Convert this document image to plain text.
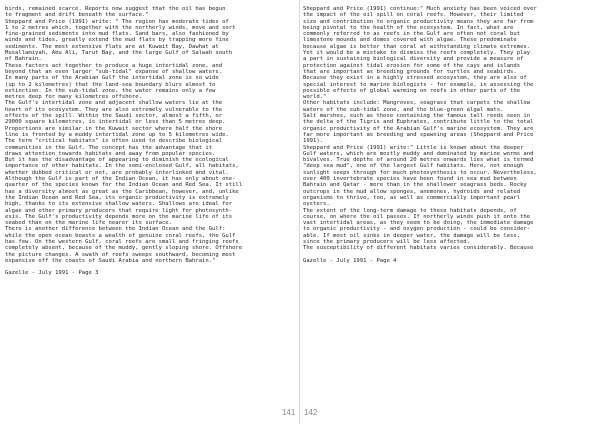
birds, remained scarce. Reports now suggest that the oil has begun
to fragment and drift beneath the surface."
Sheppard and Price (1991) write: " The region has moderate tides of
1 to 2 metres which, together with the northerly winds, move and sort
fine-grained sediments into mud flats. Sand bars, also fashioned by
winds and tides, greatly extend the mud flats by trapping more fine
sediments. The most extensive flats are at Kuwait Bay, Dawhat at
Musallamiyah, Abu Ali, Tarut Bay, and the large Gulf of Salwah south
of Bahrain.
These factors act together to produce a huge intertidal zone, and
beyond that an even larger "sub-tidal" expanse of shallow waters.
In many parts of the Arabian Gulf the intertidal zone is so wide
(up to 2 kilometres) that the land-sea boundary blurs almost to
extinction. In the sub-tidal zone, the water remains only a few
metres deep for many kilometres offshore.
The Gulf's intertidal zone and adjacent shallow waters lie at the
heart of its ecosystem. They are also extremely vulnerable to the
effects of the spill. Within the Saudi sector, almost a fifth, or
29000 square kilometres, is intertidal or less than 5 metres deep.
Proportions are similar in the Kuwait sector where half the shore
line is fronted by a muddy intertidal zone up to 5 kilometres wide.
The term "critical habitats" is often used to describe biological
communities in the Gulf. The concept has the advantage that it
draws attention towards habitats and away from popular species.
But it has the disadvantage of appearing to diminish the ecological
importance of other habitats. In the semi-enclosed Gulf, all habitats,
whether dubbed critical or not, are probably interlinked and vital.
Although the Gulf is part of the Indian Ocean, it has only about one-
quarter of the species known for the Indian Ocean and Red Sea. It still
has a diversity almost as great as the Caribbean, however, and, unlike
the Indian Ocean and Red Sea, its organic productivity is extremely
high, thanks to its extensive shallow waters. Shallows are ideal for
algae and other primary producers that require light for photosynth-
esis. The Gulf's productivity depends more on the marine life of its
seabed than on the marine life nearer its surface.
There is another difference between the Indian Ocean and the Gulf:
while the open ocean boasts a wealth of genuine coral reefs, the Gulf
has few. On the western Gulf, coral reefs are small and fringing reefs
completely absent, because of the muddy, gently sloping shore. Offshore
the picture changes. A swath of reefs sweeps southward, becoming most
expansive off the coasts of Saudi Arabia and northern Bahrain."
Gazelle - July 1991 - Page 3
Sheppard and Price (1991) continue:" Much anxiety has been voiced over
the impact of the oil spill on coral reefs. However, their limited
size and contribution to organic productivity means they are far from
being pivotal to the health of the ecosystem. In fact, what are
commonly referred to as reefs in the Gulf are often not coral but
limestone mounds and domes covered with algae. These predominate
because algae is better than coral at withstanding climate extremes.
Yet it would be a mistake to dismiss the reefs completely. They play
a part in sustaining biological diversity and provide a measure of
protection against tidal erosion for some of the cays and islands
that are important as breeding grounds for turtles and seabirds.
Because they exist in a highly stressed ecosystem, they are also of
special interest to marine biologists - for example, in assessing the
possible effects of global warming on reefs in other parts of the
world."
Other habitats include: Mangroves, seagrass that carpets the shallow
waters of the sub-tidal zone, and the blue-green algal mats.
Salt marshes, such as those containing the famous tall reeds seen in
the delta of the Tigris and Euphrates, contribute little to the total
organic productivity of the Arabian Gulf's marine ecosystem. They are
far more important as breeding and spawning areas (Sheppard and Price
1991).
Sheppard and Price (1991) write:" Little is known about the deeper
Gulf waters, which are mostly muddy and dominated by marine worms and
bivalves. True depths of around 20 metres onwards lies what is termed
"deep sea mud", one of the largest Gulf habitats. Here, not enough
sunlight seeps through for much photosynthesis to occur. Nevertheless,
over 400 invertebrate species have been found in sea mud between
Bahrain and Qatar - more than in the shallower seagrass beds. Rocky
outcrops in the mud allow sponges, anemones, hydroids and related
organisms to thrive, too, as well as commercially important pearl
oysters.
The extent of the long-term damage to these habitats depends, of
course, on where the oil passes. If northerly winds push it onto the
vast intertidal areas, as they seem to be doing, the immediate damage
to organic productivity - and oxygen production - could be consider-
able. If most oil sinks in deeper water, the damage will be less,
since the primary producers will be less affected.
The susceptibility of different habitats varies considerably. Because
Gazelle - July 1991 - Page 4
141 142
